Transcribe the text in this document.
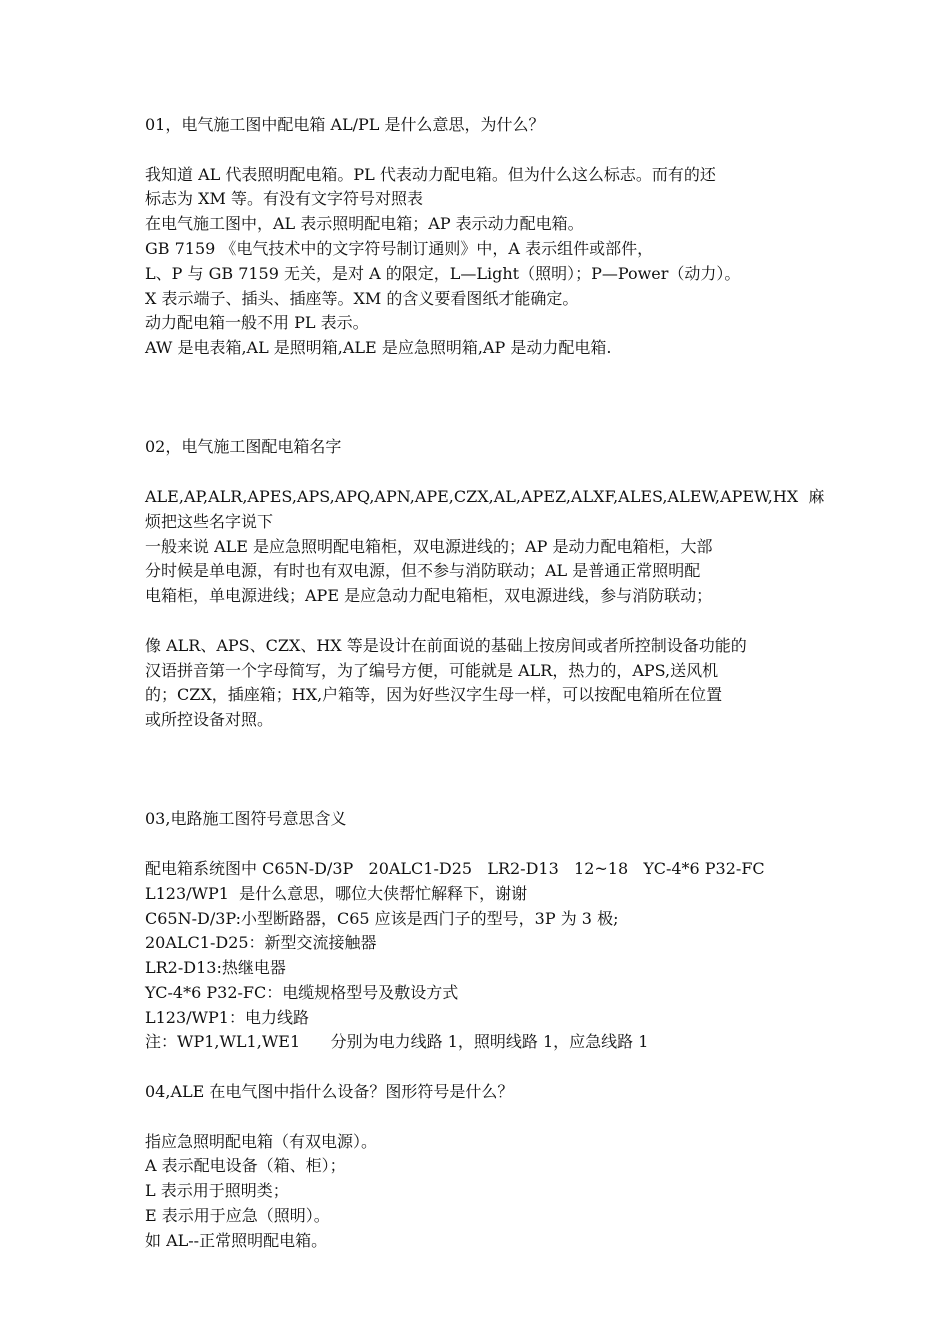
01，电气施工图中配电箱 AL/PL 是什么意思，为什么？
我知道 AL 代表照明配电箱。PL 代表动力配电箱。但为什么这么标志。而有的还
标志为 XM 等。有没有文字符号对照表
在电气施工图中，AL 表示照明配电箱；AP 表示动力配电箱。
GB 7159 《电气技术中的文字符号制订通则》中，A 表示组件或部件，
L、P 与 GB 7159 无关，是对 A 的限定，L—Light（照明）；P—Power（动力）。
X 表示端子、插头、插座等。XM 的含义要看图纸才能确定。
动力配电箱一般不用 PL 表示。
AW 是电表箱,AL 是照明箱,ALE 是应急照明箱,AP 是动力配电箱.
02，电气施工图配电箱名字
ALE,AP,ALR,APES,APS,APQ,APN,APE,CZX,AL,APEZ,ALXF,ALES,ALEW,APEW,HX  麻
烦把这些名字说下
一般来说 ALE 是应急照明配电箱柜，双电源进线的；AP 是动力配电箱柜，大部
分时候是单电源，有时也有双电源，但不参与消防联动；AL 是普通正常照明配
电箱柜，单电源进线；APE 是应急动力配电箱柜，双电源进线，参与消防联动；
像 ALR、APS、CZX、HX 等是设计在前面说的基础上按房间或者所控制设备功能的
汉语拼音第一个字母简写，为了编号方便，可能就是 ALR，热力的，APS,送风机
的；CZX，插座箱；HX,户箱等，因为好些汉字生母一样，可以按配电箱所在位置
或所控设备对照。
03,电路施工图符号意思含义
配电箱系统图中 C65N-D/3P   20ALC1-D25   LR2-D13   12~18   YC-4*6 P32-FC
L123/WP1  是什么意思，哪位大侠帮忙解释下，谢谢
C65N-D/3P:小型断路器，C65 应该是西门子的型号，3P 为 3 极;
20ALC1-D25：新型交流接触器
LR2-D13:热继电器
YC-4*6 P32-FC：电缆规格型号及敷设方式
L123/WP1：电力线路
注：WP1,WL1,WE1      分别为电力线路 1，照明线路 1，应急线路 1
04,ALE 在电气图中指什么设备？图形符号是什么？
指应急照明配电箱（有双电源）。
A 表示配电设备（箱、柜）；
L 表示用于照明类；
E 表示用于应急（照明）。
如 AL--正常照明配电箱。
